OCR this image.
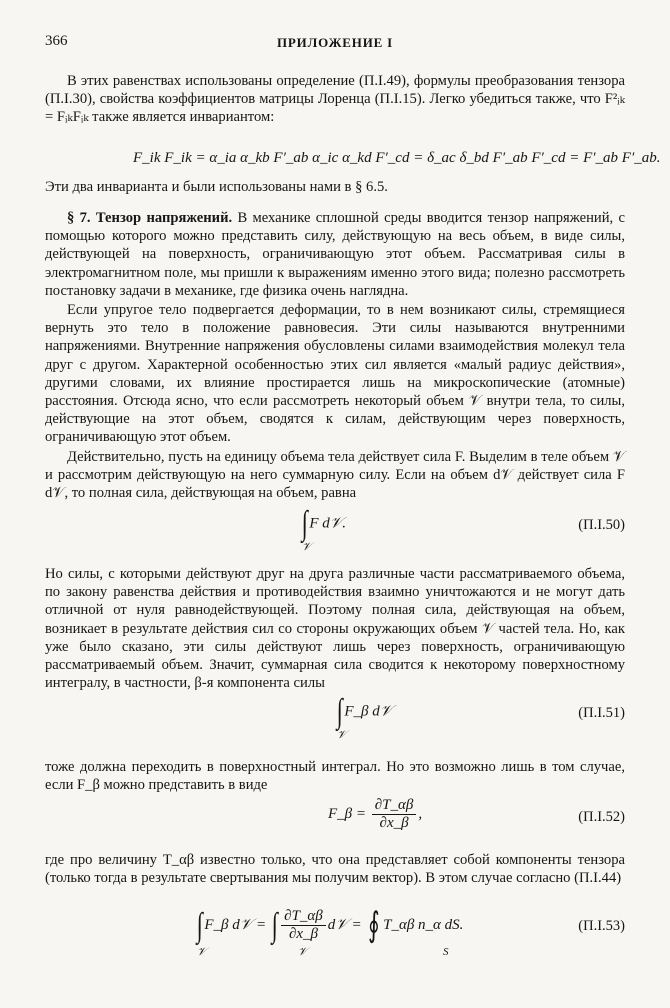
366	ПРИЛОЖЕНИЕ I

В этих равенствах использованы определение (П.I.49), формулы преобразования тензора (П.I.30), свойства коэффициентов матрицы Лоренца (П.I.15). Легко убедиться также, что F²ᵢₖ = FᵢₖFᵢₖ также является инвариантом:

F_ik F_ik = α_ia α_kb F′_ab α_ic α_kd F′_cd = δ_ac δ_bd F′_ab F′_cd = F′_ab F′_ab.

Эти два инварианта и были использованы нами в § 6.5.

§ 7. Тензор напряжений. В механике сплошной среды вводится тензор напряжений, с помощью которого можно представить силу, действующую на весь объем, в виде силы, действующей на поверхность, ограничивающую этот объем. Рассматривая силы в электромагнитном поле, мы пришли к выражениям именно этого вида; полезно рассмотреть постановку задачи в механике, где физика очень наглядна.

Если упругое тело подвергается деформации, то в нем возникают силы, стремящиеся вернуть это тело в положение равновесия. Эти силы называются внутренними напряжениями. Внутренние напряжения обусловлены силами взаимодействия молекул тела друг с другом. Характерной особенностью этих сил является «малый радиус действия», другими словами, их влияние простирается лишь на микроскопические (атомные) расстояния. Отсюда ясно, что если рассмотреть некоторый объем 𝒱 внутри тела, то силы, действующие на этот объем, сводятся к силам, действующим через поверхность, ограничивающую этот объем.

Действительно, пусть на единицу объема тела действует сила F. Выделим в теле объем 𝒱 и рассмотрим действующую на него суммарную силу. Если на объем d𝒱 действует сила F d𝒱, то полная сила, действующая на объем, равна

∫ F d𝒱.
𝒱
(П.I.50)

Но силы, с которыми действуют друг на друга различные части рассматриваемого объема, по закону равенства действия и противодействия взаимно уничтожаются и не могут дать отличной от нуля равнодействующей. Поэтому полная сила, действующая на объем, возникает в результате действия сил со стороны окружающих объем 𝒱 частей тела. Но, как уже было сказано, эти силы действуют лишь через поверхность, ограничивающую рассматриваемый объем. Значит, суммарная сила сводится к некоторому поверхностному интегралу, в частности, β-я компонента силы

∫ F_β d𝒱
𝒱
(П.I.51)

тоже должна переходить в поверхностный интеграл. Но это возможно лишь в том случае, если F_β можно представить в виде

F_β = $\frac{\partial T\_\alpha\beta}{\partial x\_\beta}$ ,	(П.I.52)

где про величину T_αβ известно только, что она представляет собой компоненты тензора (только тогда в результате свертывания мы получим вектор). В этом случае согласно (П.I.44)

∫ F_β d𝒱 = ∫ $\frac{\partial T\_\alpha\beta}{\partial x\_\beta}$ d𝒱 = ∮ T_αβ n_α dS.
𝒱	𝒱	S
(П.I.53)
